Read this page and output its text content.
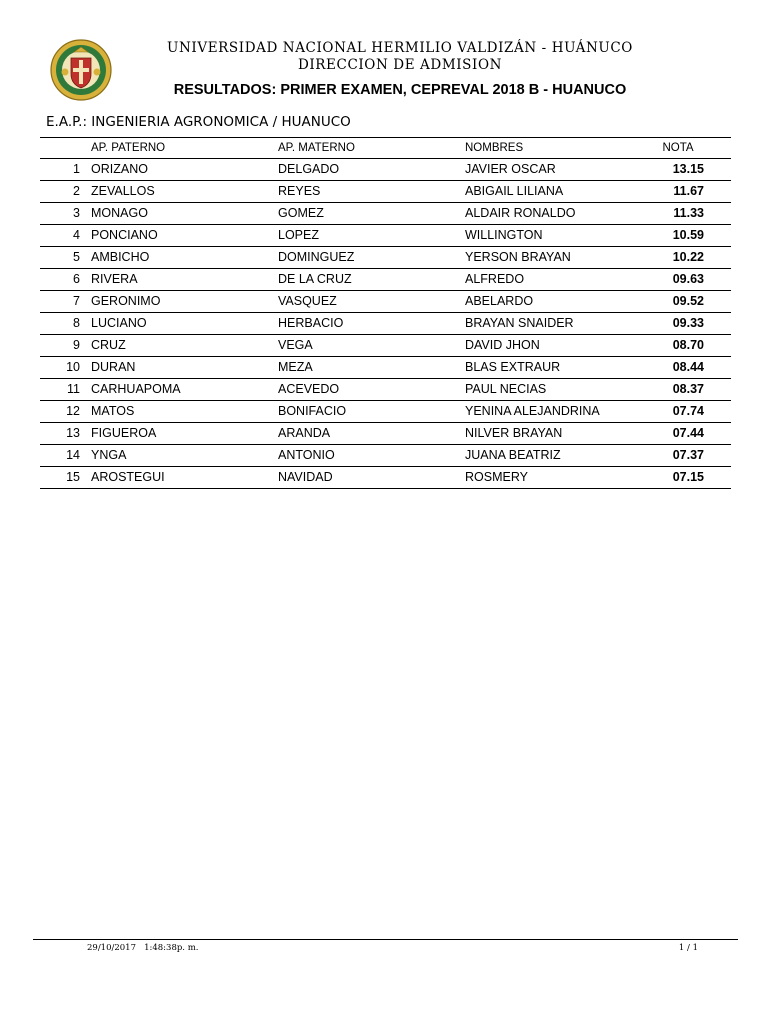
UNIVERSIDAD NACIONAL HERMILIO VALDIZÁN - HUÁNUCO
DIRECCION DE ADMISION
RESULTADOS: PRIMER EXAMEN, CEPREVAL 2018 B - HUANUCO
E.A.P.: INGENIERIA AGRONOMICA / HUANUCO
AP. PATERNO	AP. MATERNO	NOMBRES	NOTA
1 ORIZANO	DELGADO	JAVIER OSCAR	13.15
2 ZEVALLOS	REYES	ABIGAIL LILIANA	11.67
3 MONAGO	GOMEZ	ALDAIR RONALDO	11.33
4 PONCIANO	LOPEZ	WILLINGTON	10.59
5 AMBICHO	DOMINGUEZ	YERSON BRAYAN	10.22
6 RIVERA	DE LA CRUZ	ALFREDO	09.63
7 GERONIMO	VASQUEZ	ABELARDO	09.52
8 LUCIANO	HERBACIO	BRAYAN SNAIDER	09.33
9 CRUZ	VEGA	DAVID JHON	08.70
10 DURAN	MEZA	BLAS EXTRAUR	08.44
11 CARHUAPOMA	ACEVEDO	PAUL NECIAS	08.37
12 MATOS	BONIFACIO	YENINA ALEJANDRINA	07.74
13 FIGUEROA	ARANDA	NILVER BRAYAN	07.44
14 YNGA	ANTONIO	JUANA BEATRIZ	07.37
15 AROSTEGUI	NAVIDAD	ROSMERY	07.15
29/10/2017   1:48:38p. m.	1 / 1
